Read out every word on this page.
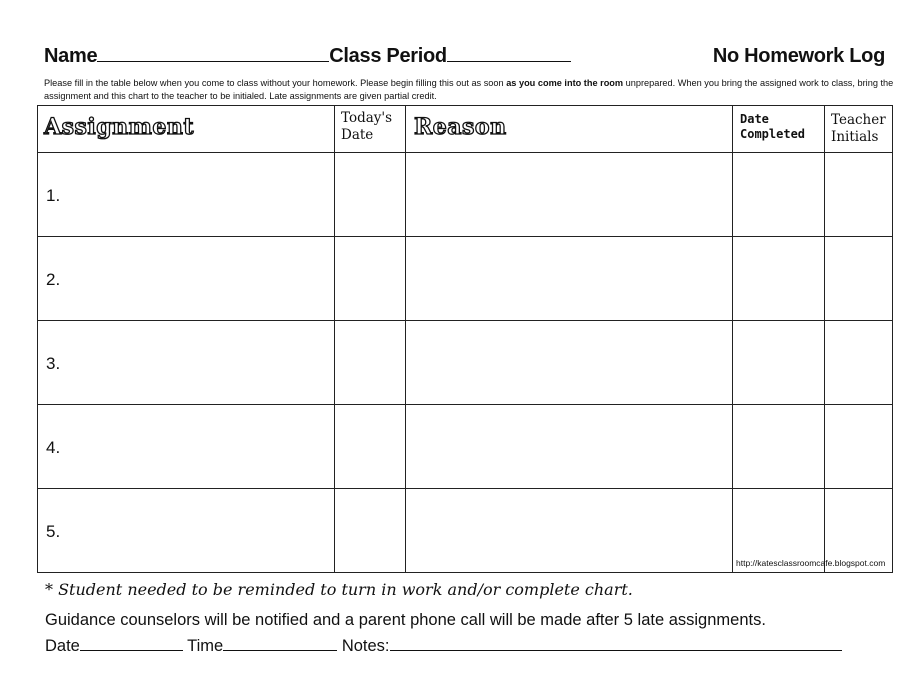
Name	Class Period	No Homework Log
Please fill in the table below when you come to class without your homework. Please begin filling this out as soon as you come into the room unprepared. When you bring the assigned work to class, bring the assignment and this chart to the teacher to be initialed. Late assignments are given partial credit.
Assignment	Today's Date	Reason	Date Completed	Teacher Initials

1.				

2.				

3.				

4.				

5.				

http://katesclassroomcafe.blogspot.com
* Student needed to be reminded to turn in work and/or complete chart.
Guidance counselors will be notified and a parent phone call will be made after 5 late assignments.
Date	Time	Notes:
